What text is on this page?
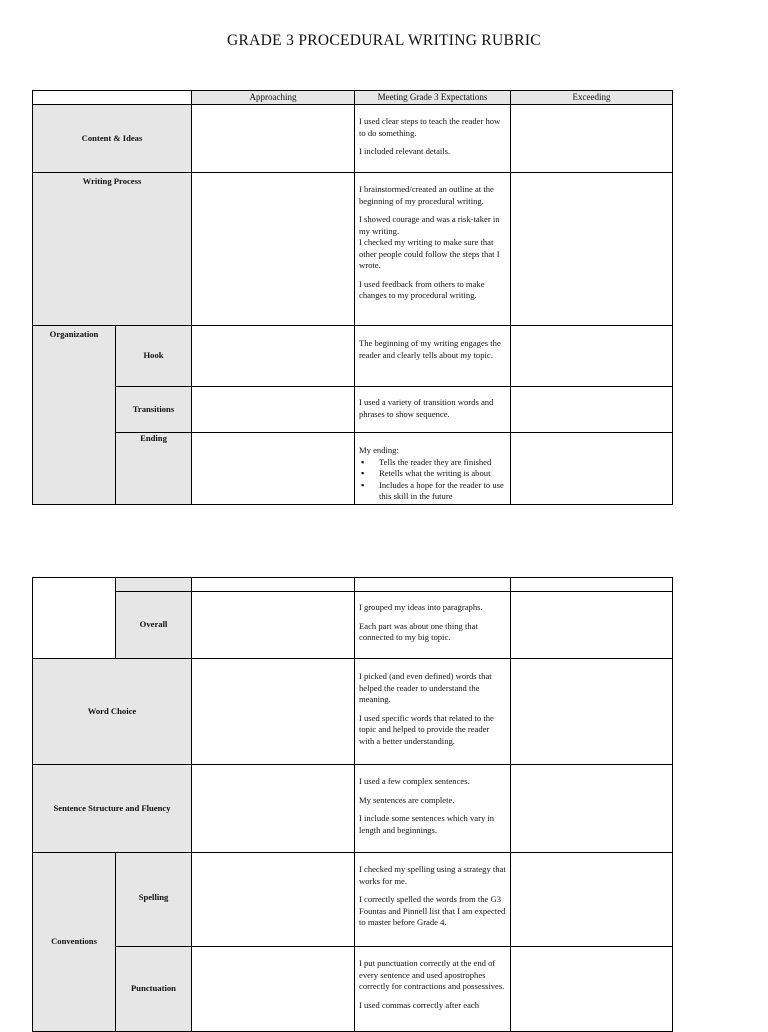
GRADE 3 PROCEDURAL WRITING RUBRIC
Approaching	Meeting Grade 3 Expectations	Exceeding
Content & Ideas

I used clear steps to teach the reader how to do something.

I included relevant details.

Writing Process

I brainstormed/created an outline at the beginning of my procedural writing.

I showed courage and was a risk-taker in my writing.

I checked my writing to make sure that other people could follow the steps that I wrote.

I used feedback from others to make changes to my procedural writing.

Organization
Hook

The beginning of my writing engages the reader and clearly tells about my topic.

Transitions

I used a variety of transition words and phrases to show sequence.

Ending

My ending:

▪ Tells the reader they are finished
▪ Retells what the writing is about
▪ Includes a hope for the reader to use this skill in the future
Overall

I grouped my ideas into paragraphs.

Each part was about one thing that connected to my big topic.

Word Choice

I picked (and even defined) words that helped the reader to understand the meaning.

I used specific words that related to the topic and helped to provide the reader with a better understanding.

Sentence Structure and Fluency

I used a few complex sentences.

My sentences are complete.

I include some sentences which vary in length and beginnings.

Conventions
Spelling

I checked my spelling using a strategy that works for me.

I correctly spelled the words from the G3 Fountas and Pinnell list that I am expected to master before Grade 4.

Punctuation

I put punctuation correctly at the end of every sentence and used apostrophes correctly for contractions and possessives.

I used commas correctly after each
